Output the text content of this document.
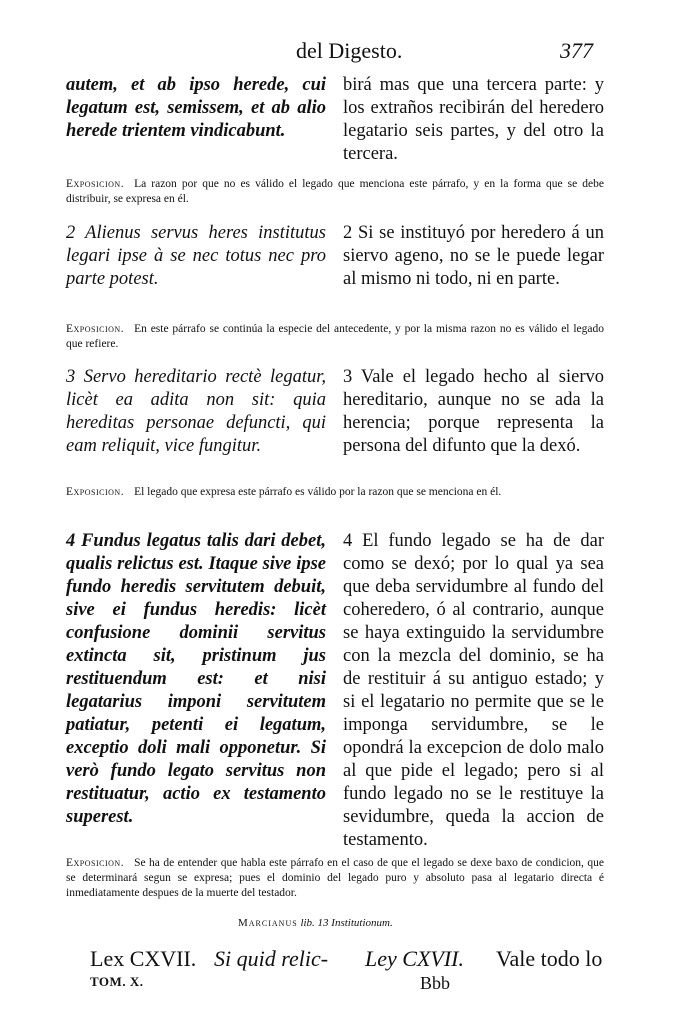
del Digesto.	377

autem, et ab ipso herede, cui legatum est, semissem, et ab alio herede trientem vindicabunt.

birá mas que una tercera parte: y los extraños recibirán del heredero legatario seis partes, y del otro la tercera.

Exposicion. La razon por que no es válido el legado que menciona este párrafo, y en la forma que se debe distribuir, se expresa en él.

2 Alienus servus heres institutus legari ipse à se nec totus nec pro parte potest.

2 Si se instituyó por heredero á un siervo ageno, no se le puede legar al mismo ni todo, ni en parte.

Exposicion. En este párrafo se continúa la especie del antecedente, y por la misma razon no es válido el legado que refiere.

3 Servo hereditario rectè legatur, licèt ea adita non sit: quia hereditas personae defuncti, qui eam reliquit, vice fungitur.

3 Vale el legado hecho al siervo hereditario, aunque no se ada la herencia; porque representa la persona del difunto que la dexó.

Exposicion. El legado que expresa este párrafo es válido por la razon que se menciona en él.

4 Fundus legatus talis dari debet, qualis relictus est. Itaque sive ipse fundo heredis servitutem debuit, sive ei fundus heredis: licèt confusione dominii servitus extincta sit, pristinum jus restituendum est: et nisi legatarius imponi servitutem patiatur, petenti ei legatum, exceptio doli mali opponetur. Si verò fundo legato servitus non restituatur, actio ex testamento superest.

4 El fundo legado se ha de dar como se dexó; por lo qual ya sea que deba servidumbre al fundo del coheredero, ó al contrario, aunque se haya extinguido la servidumbre con la mezcla del dominio, se ha de restituir á su antiguo estado; y si el legatario no permite que se le imponga servidumbre, se le opondrá la excepcion de dolo malo al que pide el legado; pero si al fundo legado no se le restituye la sevidumbre, queda la accion de testamento.

Exposicion. Se ha de entender que habla este párrafo en el caso de que el legado se dexe baxo de condicion, que se determinará segun se expresa; pues el dominio del legado puro y absoluto pasa al legatario directa é inmediatamente despues de la muerte del testador.

Marcianus lib. 13 Institutionum.
Lex CXVII. Si quid relic- Ley CXVII. Vale todo lo
TOM. X.	Bbb
